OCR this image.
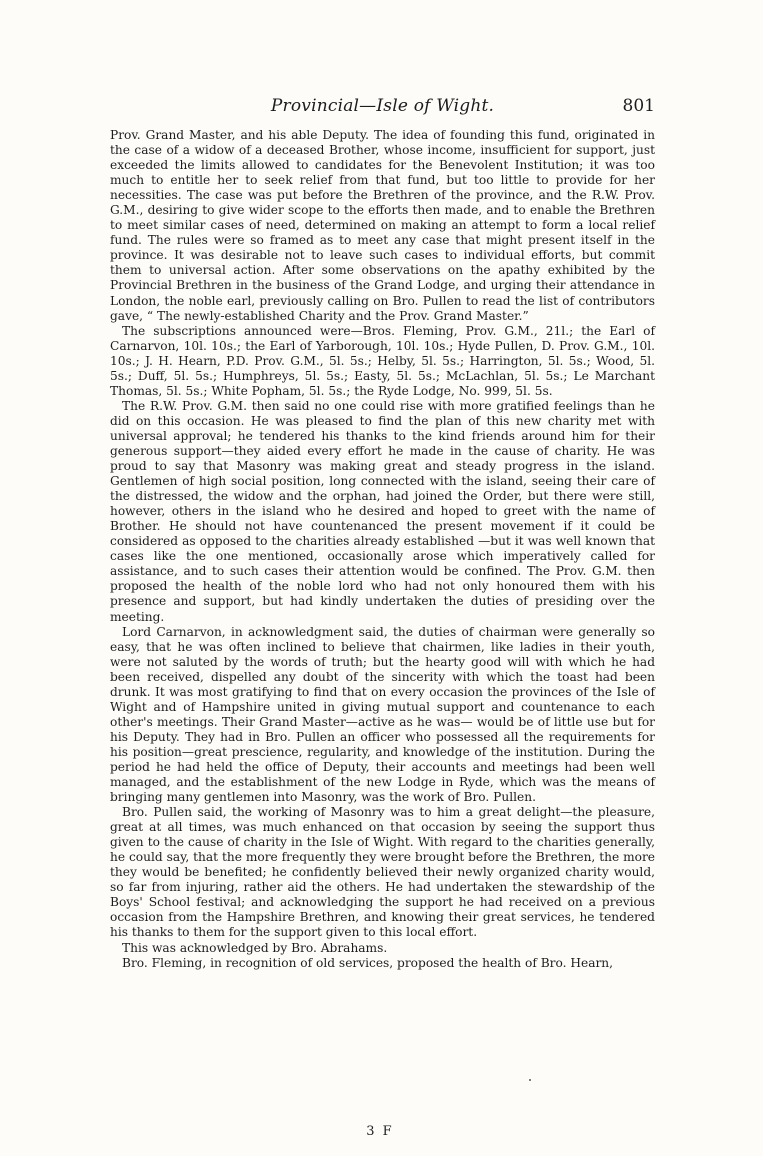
Provincial—Isle of Wight.	801

Prov. Grand Master, and his able Deputy. The idea of founding this fund, originated in the case of a widow of a deceased Brother, whose income, insufficient for support, just exceeded the limits allowed to candidates for the Benevolent Institution; it was too much to entitle her to seek relief from that fund, but too little to provide for her necessities. The case was put before the Brethren of the province, and the R.W. Prov. G.M., desiring to give wider scope to the efforts then made, and to enable the Brethren to meet similar cases of need, determined on making an attempt to form a local relief fund. The rules were so framed as to meet any case that might present itself in the province. It was desirable not to leave such cases to individual efforts, but commit them to universal action. After some observations on the apathy exhibited by the Provincial Brethren in the business of the Grand Lodge, and urging their attendance in London, the noble earl, previously calling on Bro. Pullen to read the list of contributors gave, “ The newly-established Charity and the Prov. Grand Master.”

The subscriptions announced were—Bros. Fleming, Prov. G.M., 21l.; the Earl of Carnarvon, 10l. 10s.; the Earl of Yarborough, 10l. 10s.; Hyde Pullen, D. Prov. G.M., 10l. 10s.; J. H. Hearn, P.D. Prov. G.M., 5l. 5s.; Helby, 5l. 5s.; Harrington, 5l. 5s.; Wood, 5l. 5s.; Duff, 5l. 5s.; Humphreys, 5l. 5s.; Easty, 5l. 5s.; McLachlan, 5l. 5s.; Le Marchant Thomas, 5l. 5s.; White Popham, 5l. 5s.; the Ryde Lodge, No. 999, 5l. 5s.

The R.W. Prov. G.M. then said no one could rise with more gratified feelings than he did on this occasion. He was pleased to find the plan of this new charity met with universal approval; he tendered his thanks to the kind friends around him for their generous support—they aided every effort he made in the cause of charity. He was proud to say that Masonry was making great and steady progress in the island. Gentlemen of high social position, long connected with the island, seeing their care of the distressed, the widow and the orphan, had joined the Order, but there were still, however, others in the island who he desired and hoped to greet with the name of Brother. He should not have countenanced the present movement if it could be considered as opposed to the charities already established —but it was well known that cases like the one mentioned, occasionally arose which imperatively called for assistance, and to such cases their attention would be confined. The Prov. G.M. then proposed the health of the noble lord who had not only honoured them with his presence and support, but had kindly undertaken the duties of presiding over the meeting.

Lord Carnarvon, in acknowledgment said, the duties of chairman were generally so easy, that he was often inclined to believe that chairmen, like ladies in their youth, were not saluted by the words of truth; but the hearty good will with which he had been received, dispelled any doubt of the sincerity with which the toast had been drunk. It was most gratifying to find that on every occasion the provinces of the Isle of Wight and of Hampshire united in giving mutual support and countenance to each other's meetings. Their Grand Master—active as he was— would be of little use but for his Deputy. They had in Bro. Pullen an officer who possessed all the requirements for his position—great prescience, regularity, and knowledge of the institution. During the period he had held the office of Deputy, their accounts and meetings had been well managed, and the establishment of the new Lodge in Ryde, which was the means of bringing many gentlemen into Masonry, was the work of Bro. Pullen.

Bro. Pullen said, the working of Masonry was to him a great delight—the pleasure, great at all times, was much enhanced on that occasion by seeing the support thus given to the cause of charity in the Isle of Wight. With regard to the charities generally, he could say, that the more frequently they were brought before the Brethren, the more they would be benefited; he confidently believed their newly organized charity would, so far from injuring, rather aid the others. He had undertaken the stewardship of the Boys' School festival; and acknowledging the support he had received on a previous occasion from the Hampshire Brethren, and knowing their great services, he tendered his thanks to them for the support given to this local effort.

This was acknowledged by Bro. Abrahams.

Bro. Fleming, in recognition of old services, proposed the health of Bro. Hearn,

3 F
